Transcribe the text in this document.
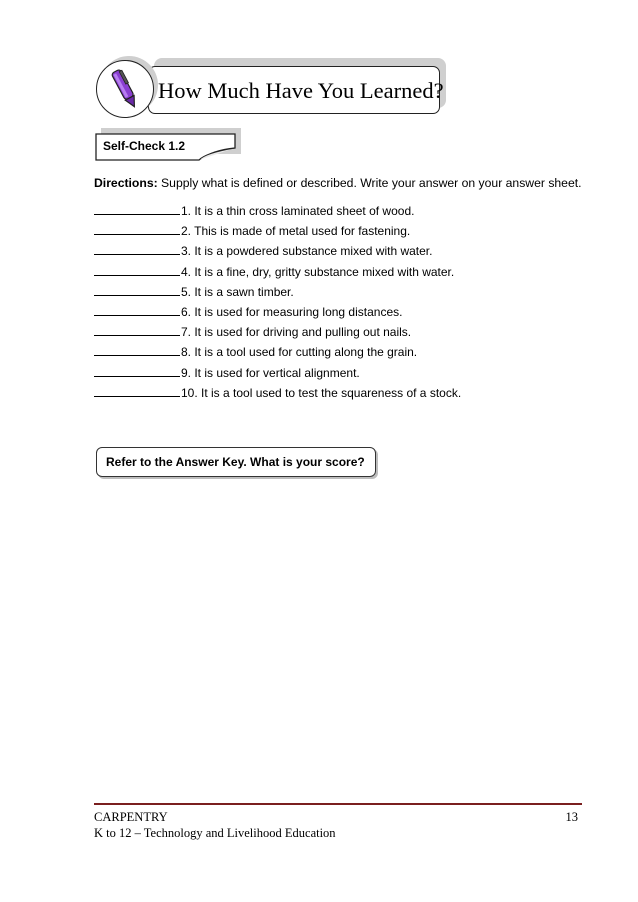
How Much Have You Learned?
Self-Check 1.2
Directions: Supply what is defined or described. Write your answer on your answer sheet.
1. It is a thin cross laminated sheet of wood.
2. This is made of metal used for fastening.
3. It is a powdered substance mixed with water.
4. It is a fine, dry, gritty substance mixed with water.
5. It is a sawn timber.
6. It is used for measuring long distances.
7. It is used for driving and pulling out nails.
8. It is a tool used for cutting along the grain.
9. It is used for vertical alignment.
10. It is a tool used to test the squareness of a stock.
Refer to the Answer Key. What is your score?
CARPENTRY	13
K to 12 – Technology and Livelihood Education
